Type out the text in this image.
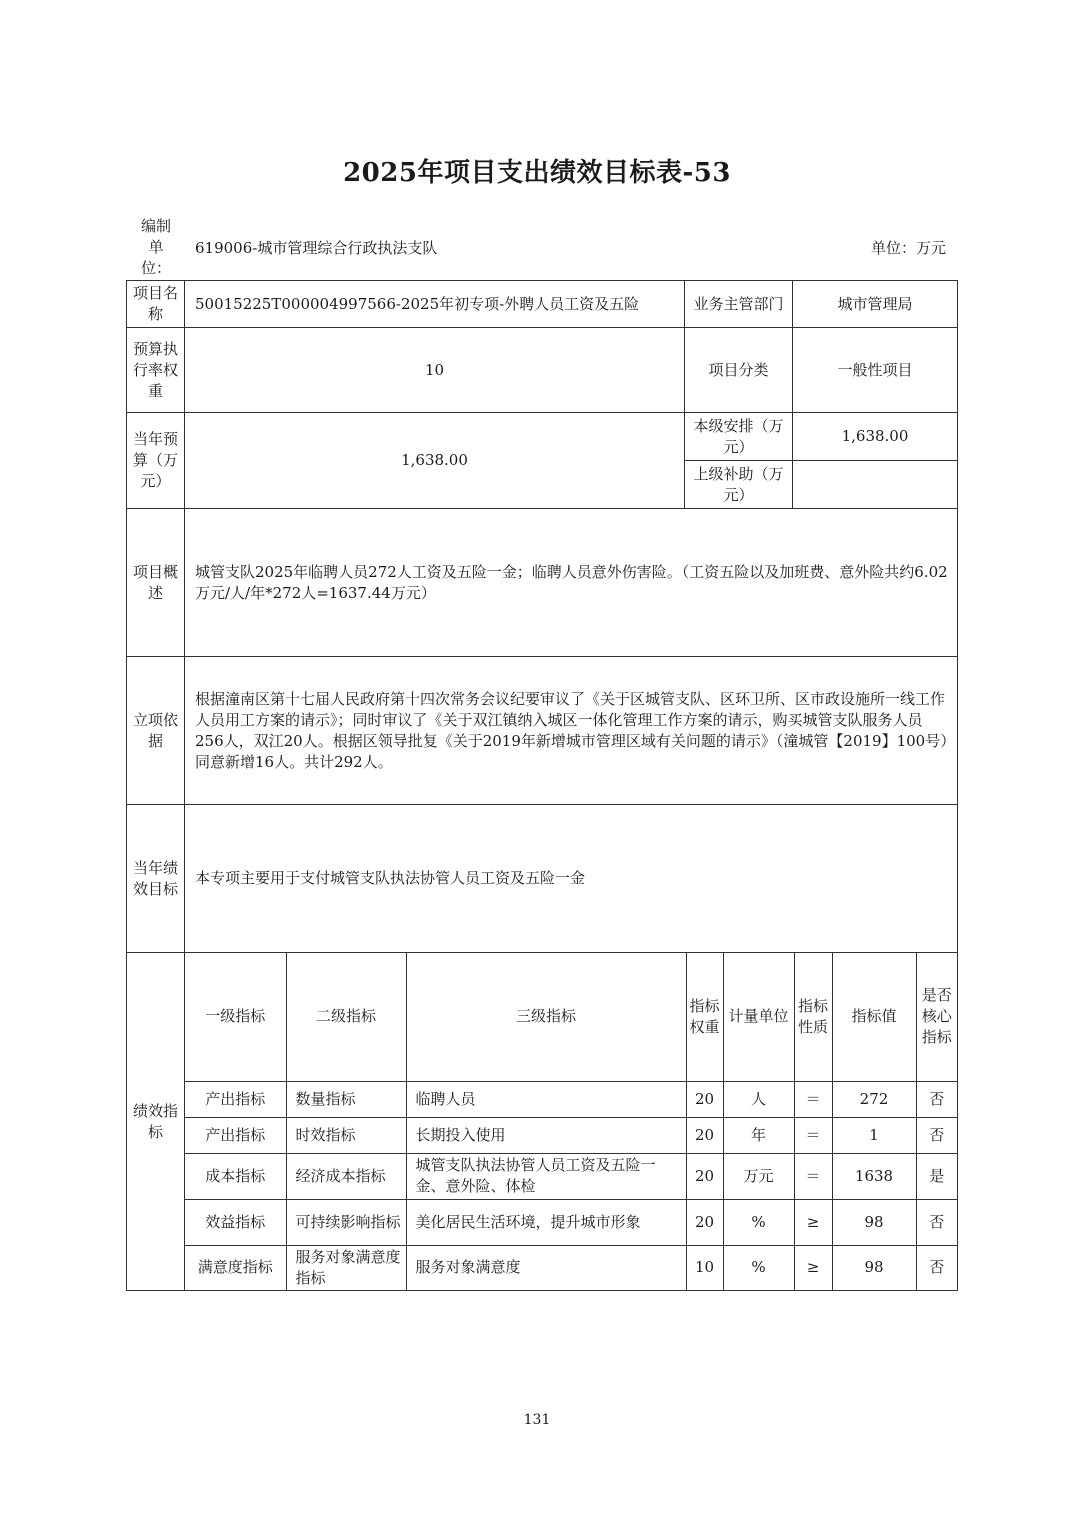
2025年项目支出绩效目标表-53
编制单位：
619006-城市管理综合行政执法支队	单位：万元
项目名称	50015225T000004997566-2025年初专项-外聘人员工资及五险	业务主管部门	城市管理局
预算执行率权重	10	项目分类	一般性项目
当年预算（万元）	1,638.00	本级安排（万元）	1,638.00
上级补助（万元）	
项目概述	城管支队2025年临聘人员272人工资及五险一金；临聘人员意外伤害险。（工资五险以及加班费、意外险共约6.02万元/人/年*272人=1637.44万元）
立项依据	根据潼南区第十七届人民政府第十四次常务会议纪要审议了《关于区城管支队、区环卫所、区市政设施所一线工作人员用工方案的请示》；同时审议了《关于双江镇纳入城区一体化管理工作方案的请示，购买城管支队服务人员256人，双江20人。根据区领导批复《关于2019年新增城市管理区域有关问题的请示》（潼城管【2019】100号）同意新增16人。共计292人。
当年绩效目标	本专项主要用于支付城管支队执法协管人员工资及五险一金
绩效指标	
一级指标	二级指标	三级指标	指标权重	计量单位	指标性质	指标值	是否核心指标
产出指标	数量指标	临聘人员	20	人	＝	272	否
产出指标	时效指标	长期投入使用	20	年	＝	1	否
成本指标	经济成本指标	城管支队执法协管人员工资及五险一金、意外险、体检	20	万元	＝	1638	是
效益指标	可持续影响指标	美化居民生活环境，提升城市形象	20	%	≥	98	否
满意度指标	服务对象满意度指标	服务对象满意度	10	%	≥	98	否
131
